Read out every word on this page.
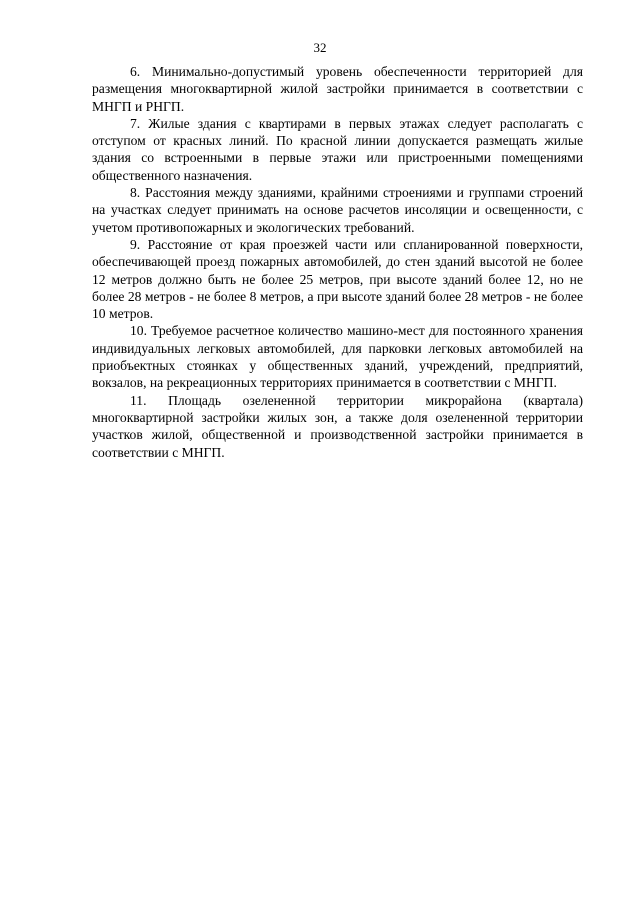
32

6. Минимально-допустимый уровень обеспеченности территорией для размещения многоквартирной жилой застройки принимается в соответствии с МНГП и РНГП.

7. Жилые здания с квартирами в первых этажах следует располагать с отступом от красных линий. По красной линии допускается размещать жилые здания со встроенными в первые этажи или пристроенными помещениями общественного назначения.

8. Расстояния между зданиями, крайними строениями и группами строений на участках следует принимать на основе расчетов инсоляции и освещенности, с учетом противопожарных и экологических требований.

9. Расстояние от края проезжей части или спланированной поверхности, обеспечивающей проезд пожарных автомобилей, до стен зданий высотой не более 12 метров должно быть не более 25 метров, при высоте зданий более 12, но не более 28 метров - не более 8 метров, а при высоте зданий более 28 метров - не более 10 метров.

10. Требуемое расчетное количество машино-мест для постоянного хранения индивидуальных легковых автомобилей, для парковки легковых автомобилей на приобъектных стоянках у общественных зданий, учреждений, предприятий, вокзалов, на рекреационных территориях принимается в соответствии с МНГП.

11. Площадь озелененной территории микрорайона (квартала) многоквартирной застройки жилых зон, а также доля озелененной территории участков жилой, общественной и производственной застройки принимается в соответствии с МНГП.
